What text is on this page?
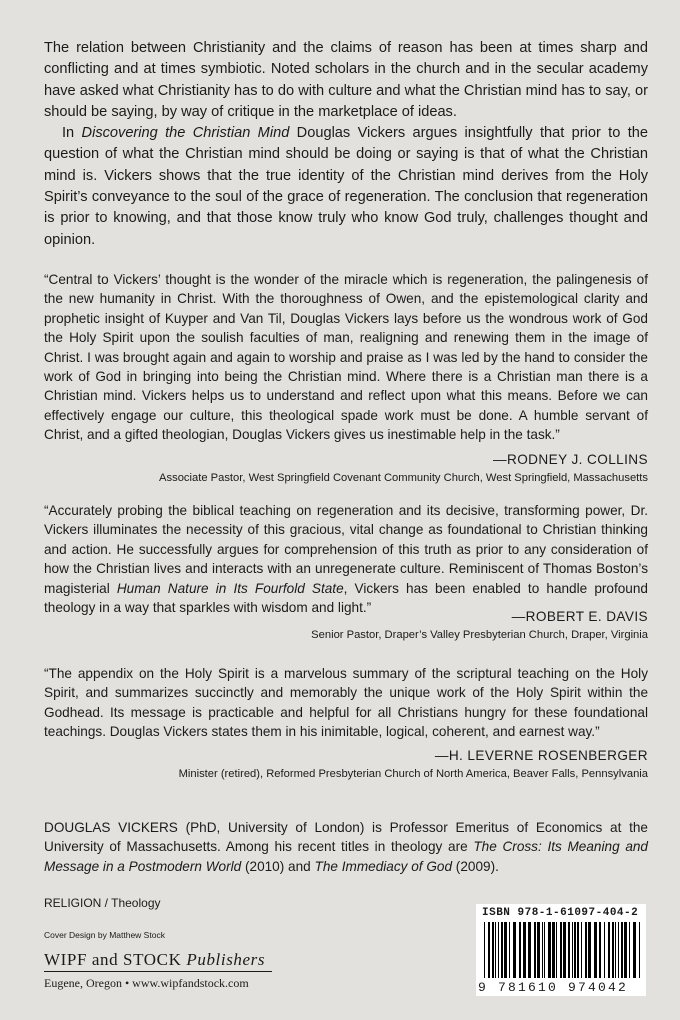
The relation between Christianity and the claims of reason has been at times sharp and conflicting and at times symbiotic. Noted scholars in the church and in the secular academy have asked what Christianity has to do with culture and what the Christian mind has to say, or should be saying, by way of critique in the marketplace of ideas.

In Discovering the Christian Mind Douglas Vickers argues insightfully that prior to the question of what the Christian mind should be doing or saying is that of what the Christian mind is. Vickers shows that the true identity of the Christian mind derives from the Holy Spirit’s conveyance to the soul of the grace of regeneration. The conclusion that regeneration is prior to knowing, and that those know truly who know God truly, challenges thought and opinion.

“Central to Vickers’ thought is the wonder of the miracle which is regeneration, the palingenesis of the new humanity in Christ. With the thoroughness of Owen, and the epistemological clarity and prophetic insight of Kuyper and Van Til, Douglas Vickers lays before us the wondrous work of God the Holy Spirit upon the soulish faculties of man, realigning and renewing them in the image of Christ. I was brought again and again to worship and praise as I was led by the hand to consider the work of God in bringing into being the Christian mind. Where there is a Christian man there is a Christian mind. Vickers helps us to understand and reflect upon what this means. Before we can effectively engage our culture, this theological spade work must be done. A humble servant of Christ, and a gifted theologian, Douglas Vickers gives us inestimable help in the task.”

—RODNEY J. COLLINS
Associate Pastor, West Springfield Covenant Community Church, West Springfield, Massachusetts

“Accurately probing the biblical teaching on regeneration and its decisive, transforming power, Dr. Vickers illuminates the necessity of this gracious, vital change as foundational to Christian thinking and action. He successfully argues for comprehension of this truth as prior to any consideration of how the Christian lives and interacts with an unregenerate culture. Reminiscent of Thomas Boston’s magisterial Human Nature in Its Fourfold State, Vickers has been enabled to handle profound theology in a way that sparkles with wisdom and light.”

—ROBERT E. DAVIS
Senior Pastor, Draper’s Valley Presbyterian Church, Draper, Virginia

“The appendix on the Holy Spirit is a marvelous summary of the scriptural teaching on the Holy Spirit, and summarizes succinctly and memorably the unique work of the Holy Spirit within the Godhead. Its message is practicable and helpful for all Christians hungry for these foundational teachings. Douglas Vickers states them in his inimitable, logical, coherent, and earnest way.”

—H. LEVERNE ROSENBERGER
Minister (retired), Reformed Presbyterian Church of North America, Beaver Falls, Pennsylvania

DOUGLAS VICKERS (PhD, University of London) is Professor Emeritus of Economics at the University of Massachusetts. Among his recent titles in theology are The Cross: Its Meaning and Message in a Postmodern World (2010) and The Immediacy of God (2009).

RELIGION / Theology
Cover Design by Matthew Stock
WIPF and STOCK Publishers
Eugene, Oregon • www.wipfandstock.com
ISBN 978-1-61097-404-2
9 781610 974042
